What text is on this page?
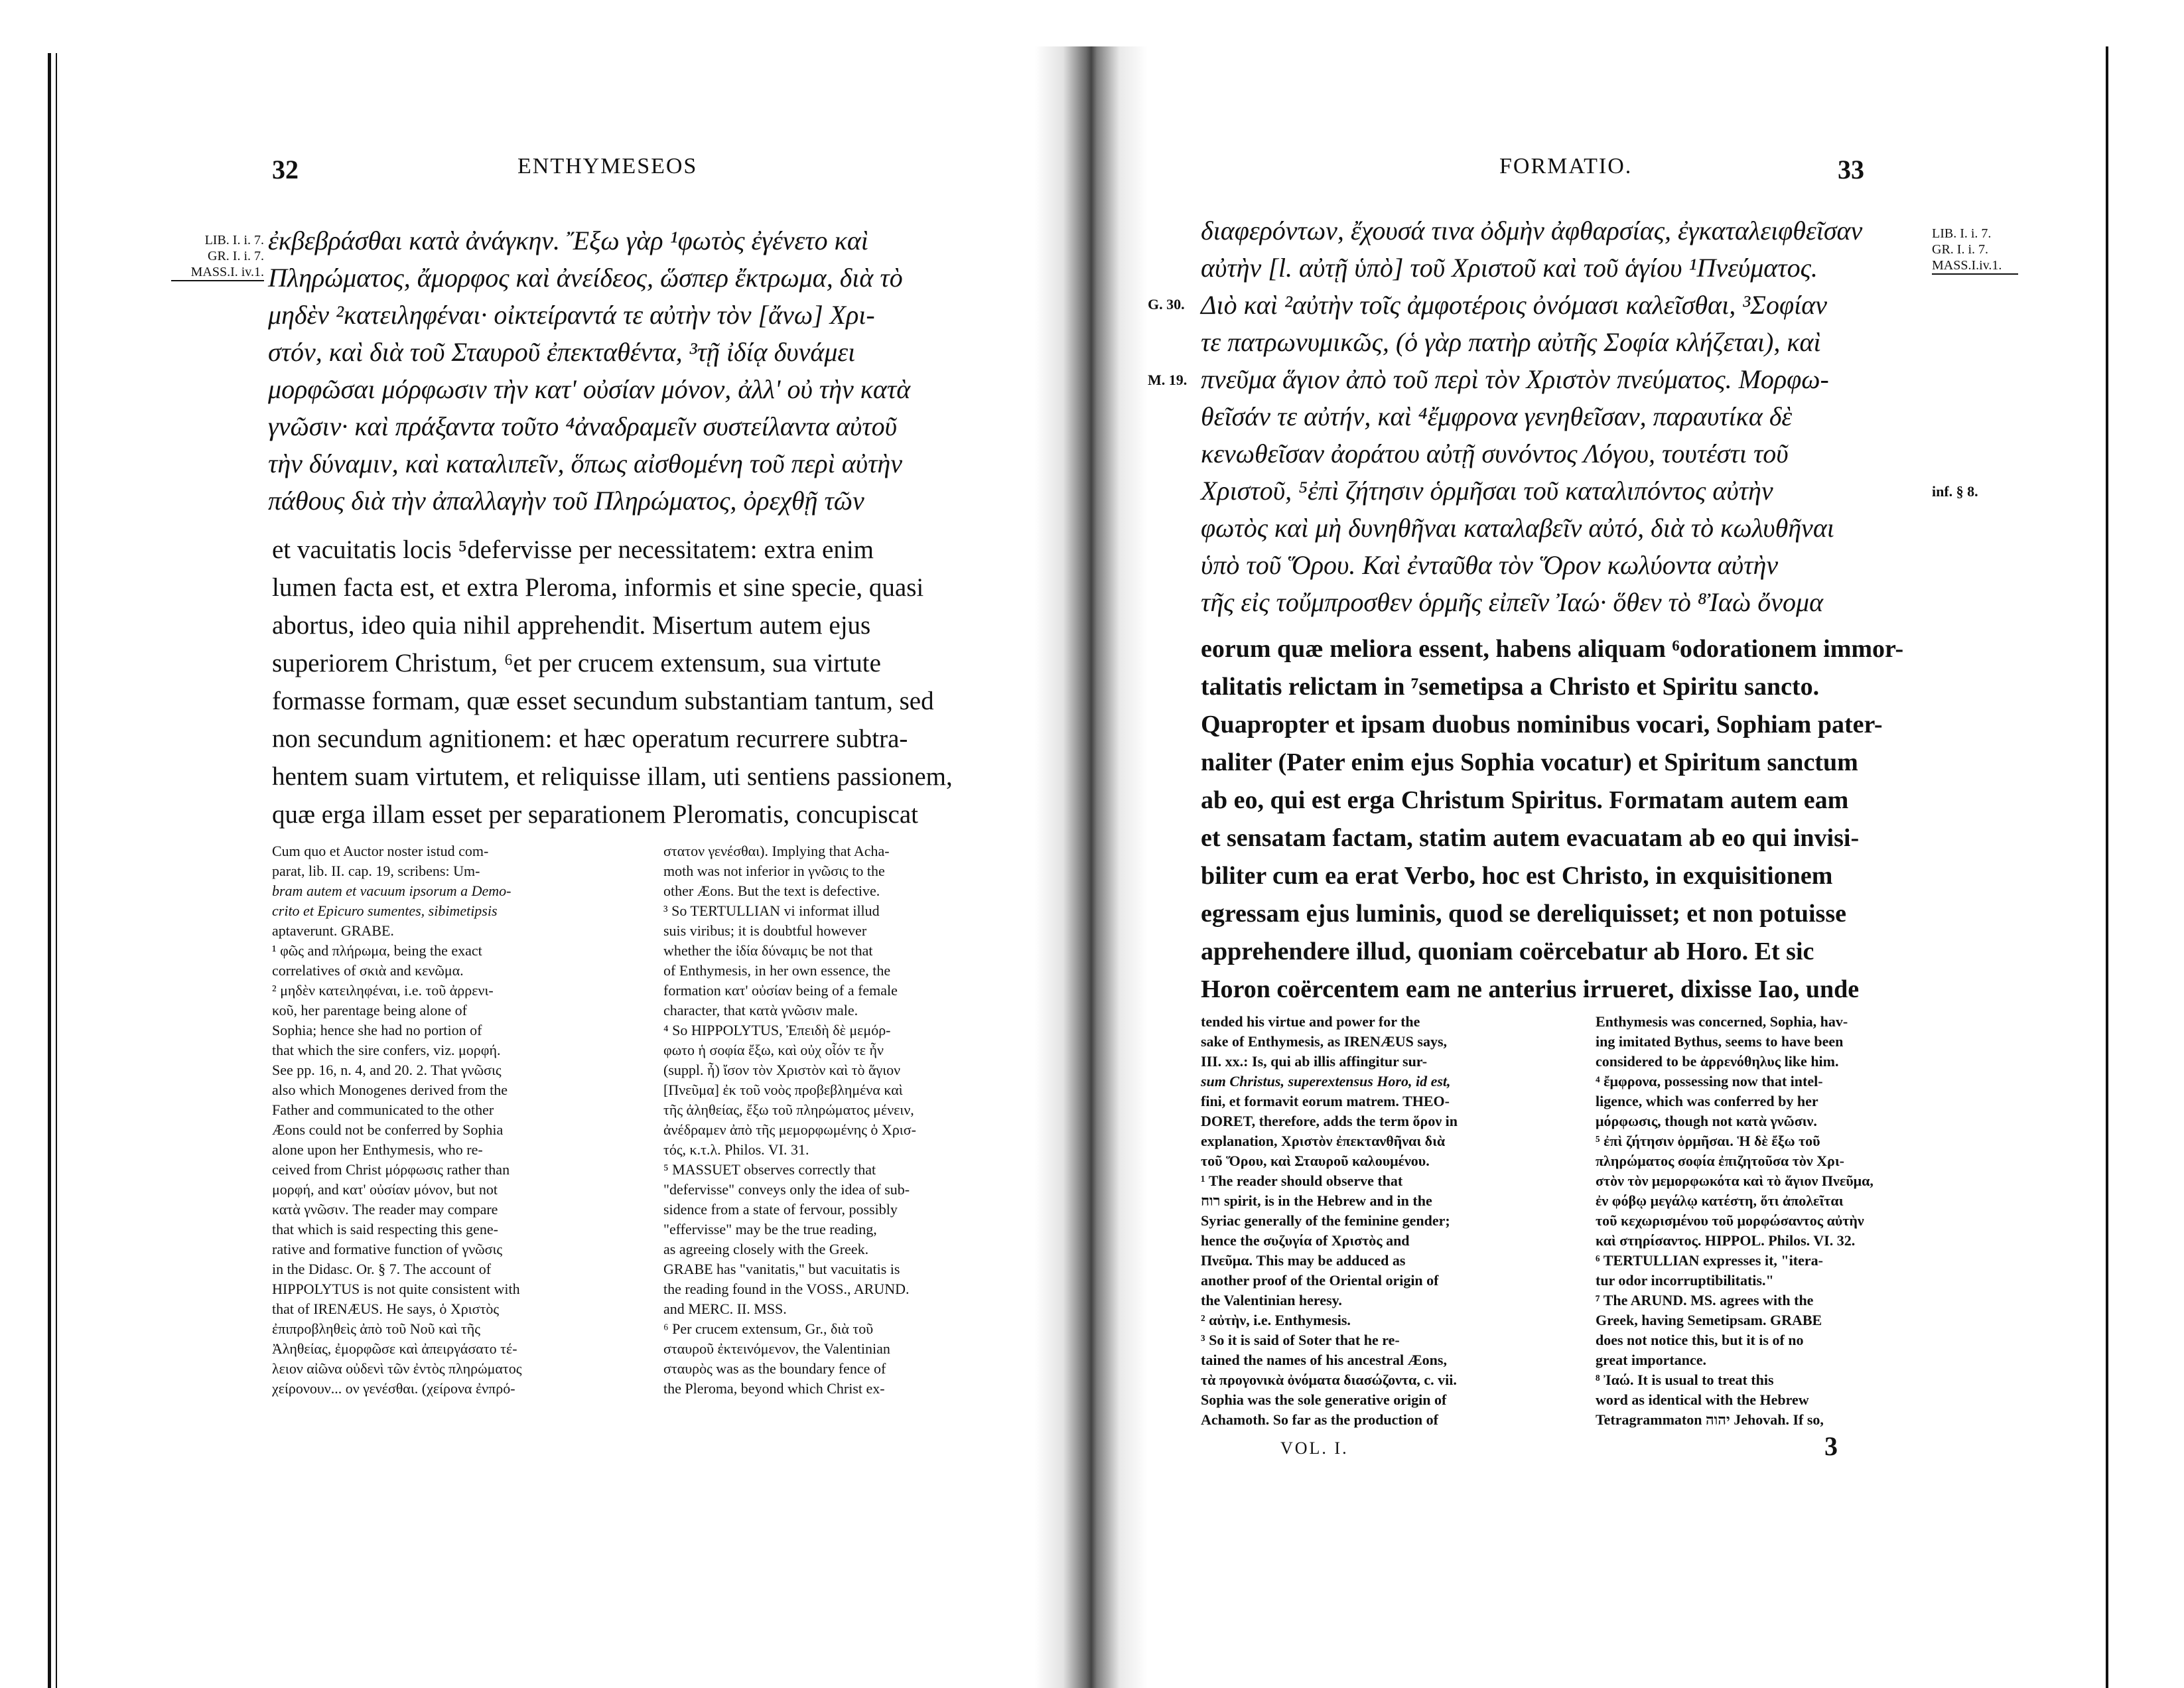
32	ENTHYMESEOS
LIB. I. i. 7.
GR. I. i. 7.
MASS.I. iv.1.

ἐκβεβράσθαι κατὰ ἀνάγκην. Ἔξω γὰρ ¹φωτὸς ἐγένετο καὶ

Πληρώματος, ἄμορφος καὶ ἀνείδεος, ὥσπερ ἔκτρωμα, διὰ τὸ

μηδὲν ²κατειληφέναι· οἰκτείραντά τε αὐτὴν τὸν [ἄνω] Χρι-

στόν, καὶ διὰ τοῦ Σταυροῦ ἐπεκταθέντα, ³τῇ ἰδίᾳ δυνάμει

μορφῶσαι μόρφωσιν τὴν κατ' οὐσίαν μόνον, ἀλλ' οὐ τὴν κατὰ

γνῶσιν· καὶ πράξαντα τοῦτο ⁴ἀναδραμεῖν συστείλαντα αὐτοῦ

τὴν δύναμιν, καὶ καταλιπεῖν, ὅπως αἰσθομένη τοῦ περὶ αὐτὴν

πάθους διὰ τὴν ἀπαλλαγὴν τοῦ Πληρώματος, ὀρεχθῇ τῶν

et vacuitatis locis ⁵defervisse per necessitatem: extra enim

lumen facta est, et extra Pleroma, informis et sine specie, quasi

abortus, ideo quia nihil apprehendit. Misertum autem ejus

superiorem Christum, ⁶et per crucem extensum, sua virtute

formasse formam, quæ esset secundum substantiam tantum, sed

non secundum agnitionem: et hæc operatum recurrere subtra-

hentem suam virtutem, et reliquisse illam, uti sentiens passionem,

quæ erga illam esset per separationem Pleromatis, concupiscat

Cum quo et Auctor noster istud com-

parat, lib. II. cap. 19, scribens: Um-

bram autem et vacuum ipsorum a Demo-

crito et Epicuro sumentes, sibimetipsis

aptaverunt. GRABE.

¹ φῶς and πλήρωμα, being the exact

correlatives of σκιὰ and κενῶμα.

² μηδὲν κατειληφέναι, i.e. τοῦ ἀρρενι-

κοῦ, her parentage being alone of

Sophia; hence she had no portion of

that which the sire confers, viz. μορφή.

See pp. 16, n. 4, and 20. 2. That γνῶσις

also which Monogenes derived from the

Father and communicated to the other

Æons could not be conferred by Sophia

alone upon her Enthymesis, who re-

ceived from Christ μόρφωσις rather than

μορφή, and κατ' οὐσίαν μόνον, but not

κατὰ γνῶσιν. The reader may compare

that which is said respecting this gene-

rative and formative function of γνῶσις

in the Didasc. Or. § 7. The account of

HIPPOLYTUS is not quite consistent with

that of IRENÆUS. He says, ὁ Χριστὸς

ἐπιπροβληθεὶς ἀπὸ τοῦ Νοῦ καὶ τῆς

Ἀληθείας, ἐμορφῶσε καὶ ἀπειργάσατο τέ-

λειον αἰῶνα οὐδενὶ τῶν ἐντὸς πληρώματος

χείρονουν... ον γενέσθαι. (χείρονα ἐνπρό-

στατον γενέσθαι). Implying that Acha-

moth was not inferior in γνῶσις to the

other Æons. But the text is defective.

³ So TERTULLIAN vi informat illud

suis viribus; it is doubtful however

whether the ἰδία δύναμις be not that

of Enthymesis, in her own essence, the

formation κατ' οὐσίαν being of a female

character, that κατὰ γνῶσιν male.

⁴ So HIPPOLYTUS, Ἐπειδὴ δὲ μεμόρ-

φωτο ἡ σοφία ἔξω, καὶ οὐχ οἷόν τε ἦν

(suppl. ἦ) ἴσον τὸν Χριστὸν καὶ τὸ ἅγιον

[Πνεῦμα] ἐκ τοῦ νοὸς προβεβλημένα καὶ

τῆς ἀληθείας, ἔξω τοῦ πληρώματος μένειν,

ἀνέδραμεν ἀπὸ τῆς μεμορφωμένης ὁ Χρισ-

τός, κ.τ.λ. Philos. VI. 31.

⁵ MASSUET observes correctly that

"defervisse" conveys only the idea of sub-

sidence from a state of fervour, possibly

"effervisse" may be the true reading,

as agreeing closely with the Greek.

GRABE has "vanitatis," but vacuitatis is

the reading found in the VOSS., ARUND.

and MERC. II. MSS.

⁶ Per crucem extensum, Gr., διὰ τοῦ

σταυροῦ ἐκτεινόμενον, the Valentinian

σταυρὸς was as the boundary fence of

the Pleroma, beyond which Christ ex-

FORMATIO.	33
LIB. I. i. 7.
GR. I. i. 7.
MASS.I.iv.1.
G. 30.
M. 19.
inf. § 8.

διαφερόντων, ἔχουσά τινα ὀδμὴν ἀφθαρσίας, ἐγκαταλειφθεῖσαν

αὐτὴν [l. αὐτῇ ὑπὸ] τοῦ Χριστοῦ καὶ τοῦ ἁγίου ¹Πνεύματος.

Διὸ καὶ ²αὐτὴν τοῖς ἀμφοτέροις ὀνόμασι καλεῖσθαι, ³Σοφίαν

τε πατρωνυμικῶς, (ὁ γὰρ πατὴρ αὐτῆς Σοφία κλήζεται), καὶ

πνεῦμα ἅγιον ἀπὸ τοῦ περὶ τὸν Χριστὸν πνεύματος. Μορφω-

θεῖσάν τε αὐτήν, καὶ ⁴ἔμφρονα γενηθεῖσαν, παραυτίκα δὲ

κενωθεῖσαν ἀοράτου αὐτῇ συνόντος Λόγου, τουτέστι τοῦ

Χριστοῦ, ⁵ἐπὶ ζήτησιν ὁρμῆσαι τοῦ καταλιπόντος αὐτὴν

φωτὸς καὶ μὴ δυνηθῆναι καταλαβεῖν αὐτό, διὰ τὸ κωλυθῆναι

ὑπὸ τοῦ Ὅρου. Καὶ ἐνταῦθα τὸν Ὅρον κωλύοντα αὐτὴν

τῆς εἰς τοὔμπροσθεν ὁρμῆς εἰπεῖν Ἰαώ· ὅθεν τὸ ⁸Ἰαὼ ὄνομα

eorum quæ meliora essent, habens aliquam ⁶odorationem immor-

talitatis relictam in ⁷semetipsa a Christo et Spiritu sancto.

Quapropter et ipsam duobus nominibus vocari, Sophiam pater-

naliter (Pater enim ejus Sophia vocatur) et Spiritum sanctum

ab eo, qui est erga Christum Spiritus. Formatam autem eam

et sensatam factam, statim autem evacuatam ab eo qui invisi-

biliter cum ea erat Verbo, hoc est Christo, in exquisitionem

egressam ejus luminis, quod se dereliquisset; et non potuisse

apprehendere illud, quoniam coërcebatur ab Horo. Et sic

Horon coërcentem eam ne anterius irrueret, dixisse Iao, unde

tended his virtue and power for the

sake of Enthymesis, as IRENÆUS says,

III. xx.: Is, qui ab illis affingitur sur-

sum Christus, superextensus Horo, id est,

fini, et formavit eorum matrem. THEO-

DORET, therefore, adds the term ὅρον in

explanation, Χριστὸν ἐπεκτανθῆναι διὰ

τοῦ Ὅρου, καὶ Σταυροῦ καλουμένου.

¹ The reader should observe that

רוח spirit, is in the Hebrew and in the

Syriac generally of the feminine gender;

hence the συζυγία of Χριστὸς and

Πνεῦμα. This may be adduced as

another proof of the Oriental origin of

the Valentinian heresy.

² αὐτὴν, i.e. Enthymesis.

³ So it is said of Soter that he re-

tained the names of his ancestral Æons,

τὰ προγονικὰ ὀνόματα διασώζοντα, c. vii.

Sophia was the sole generative origin of

Achamoth. So far as the production of

Enthymesis was concerned, Sophia, hav-

ing imitated Bythus, seems to have been

considered to be ἀρρενόθηλυς like him.

⁴ ἔμφρονα, possessing now that intel-

ligence, which was conferred by her

μόρφωσις, though not κατὰ γνῶσιν.

⁵ ἐπὶ ζήτησιν ὁρμῆσαι. Ἡ δὲ ἔξω τοῦ

πληρώματος σοφία ἐπιζητοῦσα τὸν Χρι-

στὸν τὸν μεμορφωκότα καὶ τὸ ἅγιον Πνεῦμα,

ἐν φόβῳ μεγάλῳ κατέστη, ὅτι ἀπολεῖται

τοῦ κεχωρισμένου τοῦ μορφώσαντος αὐτὴν

καὶ στηρίσαντος. HIPPOL. Philos. VI. 32.

⁶ TERTULLIAN expresses it, "itera-

tur odor incorruptibilitatis."

⁷ The ARUND. MS. agrees with the

Greek, having Semetipsam. GRABE

does not notice this, but it is of no

great importance.

⁸ Ἰαώ. It is usual to treat this

word as identical with the Hebrew

Tetragrammaton יהוה Jehovah. If so,

VOL. I.	3
